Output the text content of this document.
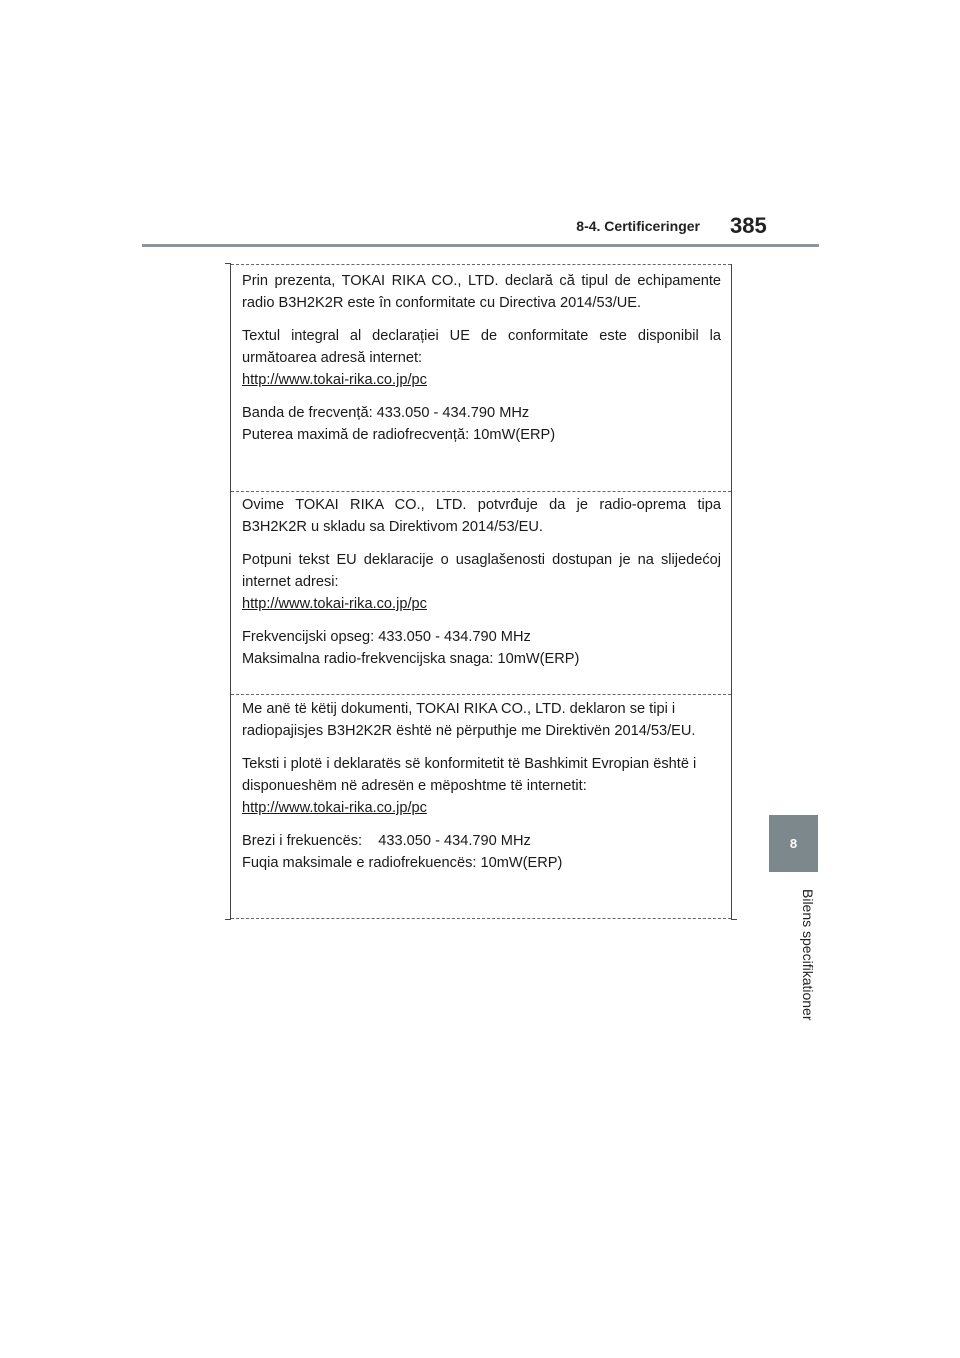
8-4. Certificeringer 385
8
Bilens specifikationer

Prin prezenta, TOKAI RIKA CO., LTD. declară că tipul de echipamente radio B3H2K2R este în conformitate cu Directiva 2014/53/UE.

Textul integral al declarației UE de conformitate este disponibil la următoarea adresă internet:

http://www.tokai-rika.co.jp/pc

Banda de frecvență: 433.050 - 434.790 MHz

Puterea maximă de radiofrecvență: 10mW(ERP)

Ovime TOKAI RIKA CO., LTD. potvrđuje da je radio-oprema tipa B3H2K2R u skladu sa Direktivom 2014/53/EU.

Potpuni tekst EU deklaracije o usaglašenosti dostupan je na slijedećoj internet adresi:

http://www.tokai-rika.co.jp/pc

Frekvencijski opseg: 433.050 - 434.790 MHz

Maksimalna radio-frekvencijska snaga: 10mW(ERP)

Me anë të këtij dokumenti, TOKAI RIKA CO., LTD. deklaron se tipi i radiopajisjes B3H2K2R është në përputhje me Direktivën 2014/53/EU.

Teksti i plotë i deklaratës së konformitetit të Bashkimit Evropian është i disponueshëm në adresën e mëposhtme të internetit:

http://www.tokai-rika.co.jp/pc

Brezi i frekuencës:    433.050 - 434.790 MHz

Fuqia maksimale e radiofrekuencës: 10mW(ERP)
